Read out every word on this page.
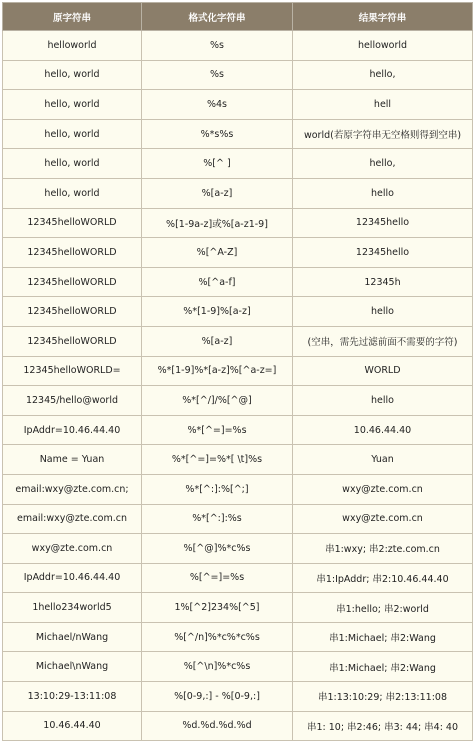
原字符串	格式化字符串	结果字符串
helloworld	%s	helloworld
hello, world	%s	hello,
hello, world	%4s	hell
hello, world	%*s%s	world(若原字符串无空格则得到空串)
hello, world	%[^ ]	hello,
hello, world	%[a-z]	hello
12345helloWORLD	%[1-9a-z]或%[a-z1-9]	12345hello
12345helloWORLD	%[^A-Z]	12345hello
12345helloWORLD	%[^a-f]	12345h
12345helloWORLD	%*[1-9]%[a-z]	hello
12345helloWORLD	%[a-z]	(空串，需先过滤前面不需要的字符)
12345helloWORLD=	%*[1-9]%*[a-z]%[^a-z=]	WORLD
12345/hello@world	%*[^/]/%[^@]	hello
IpAddr=10.46.44.40	%*[^=]=%s	10.46.44.40
Name = Yuan	%*[^=]=%*[ \t]%s	Yuan
email:wxy@zte.com.cn;	%*[^:]:%[^;]	wxy@zte.com.cn
email:wxy@zte.com.cn	%*[^:]:%s	wxy@zte.com.cn
wxy@zte.com.cn	%[^@]%*c%s	串1:wxy; 串2:zte.com.cn
IpAddr=10.46.44.40	%[^=]=%s	串1:IpAddr; 串2:10.46.44.40
1hello234world5	1%[^2]234%[^5]	串1:hello; 串2:world
Michael/nWang	%[^/n]%*c%*c%s	串1:Michael; 串2:Wang
Michael\nWang	%[^\n]%*c%s	串1:Michael; 串2:Wang
13:10:29-13:11:08	%[0-9,:] - %[0-9,:]	串1:13:10:29; 串2:13:11:08
10.46.44.40	%d.%d.%d.%d	串1: 10; 串2:46; 串3: 44; 串4: 40
